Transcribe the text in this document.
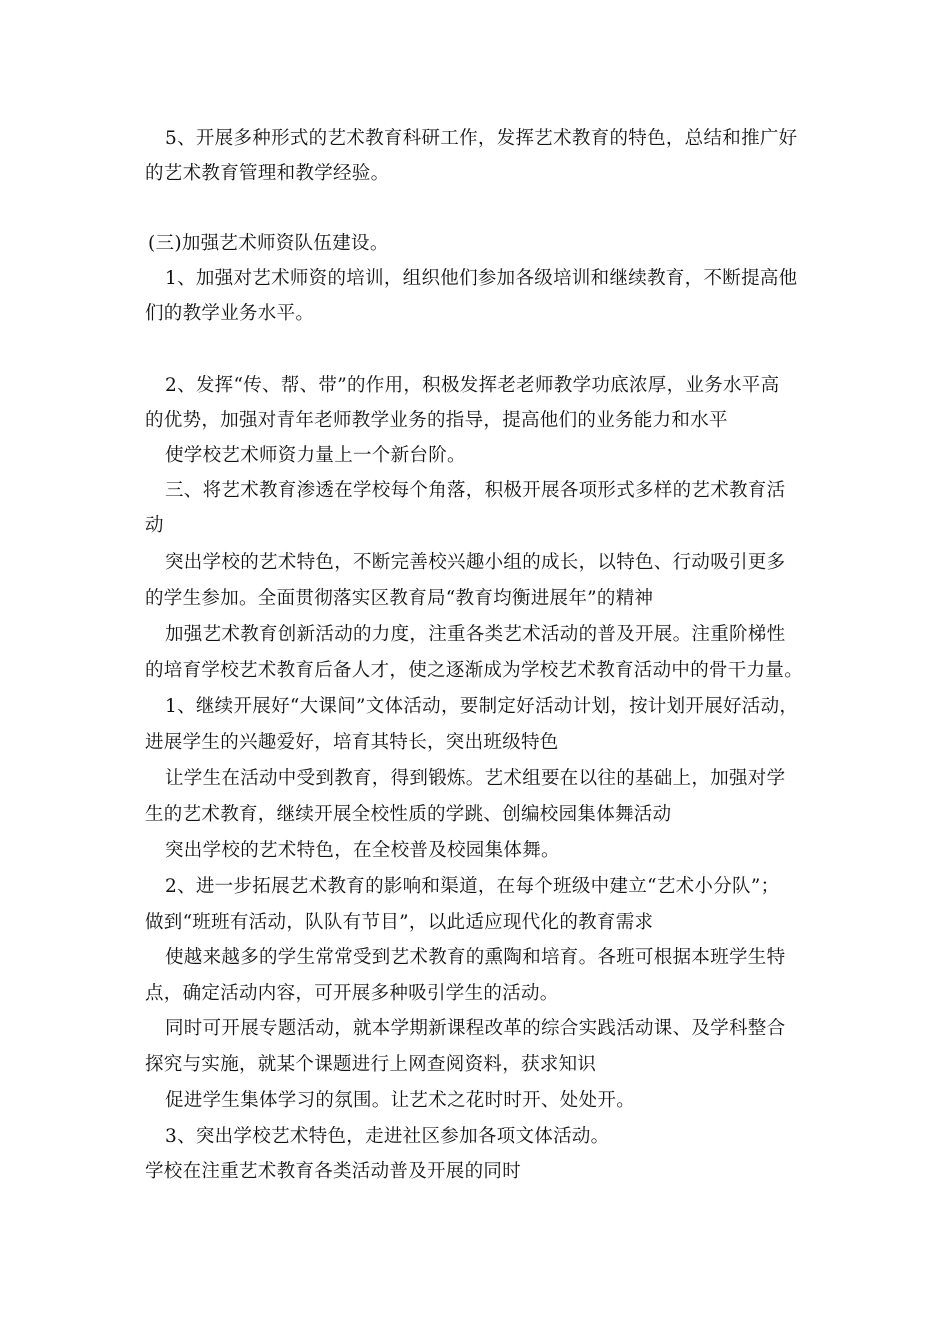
5、开展多种形式的艺术教育科研工作，发挥艺术教育的特色，总结和推广好
的艺术教育管理和教学经验。
(三)加强艺术师资队伍建设。
1、加强对艺术师资的培训，组织他们参加各级培训和继续教育，不断提高他
们的教学业务水平。
2、发挥“传、帮、带”的作用，积极发挥老老师教学功底浓厚，业务水平高
的优势，加强对青年老师教学业务的指导，提高他们的业务能力和水平
使学校艺术师资力量上一个新台阶。
三、将艺术教育渗透在学校每个角落，积极开展各项形式多样的艺术教育活
动
突出学校的艺术特色，不断完善校兴趣小组的成长，以特色、行动吸引更多
的学生参加。全面贯彻落实区教育局“教育均衡进展年”的精神
加强艺术教育创新活动的力度，注重各类艺术活动的普及开展。注重阶梯性
的培育学校艺术教育后备人才，使之逐渐成为学校艺术教育活动中的骨干力量。
1、继续开展好“大课间”文体活动，要制定好活动计划，按计划开展好活动，
进展学生的兴趣爱好，培育其特长，突出班级特色
让学生在活动中受到教育，得到锻炼。艺术组要在以往的基础上，加强对学
生的艺术教育，继续开展全校性质的学跳、创编校园集体舞活动
突出学校的艺术特色，在全校普及校园集体舞。
2、进一步拓展艺术教育的影响和渠道，在每个班级中建立“艺术小分队”；
做到“班班有活动，队队有节目”，以此适应现代化的教育需求
使越来越多的学生常常受到艺术教育的熏陶和培育。各班可根据本班学生特
点，确定活动内容，可开展多种吸引学生的活动。
同时可开展专题活动，就本学期新课程改革的综合实践活动课、及学科整合
探究与实施，就某个课题进行上网查阅资料，获求知识
促进学生集体学习的氛围。让艺术之花时时开、处处开。
3、突出学校艺术特色，走进社区参加各项文体活动。
学校在注重艺术教育各类活动普及开展的同时
